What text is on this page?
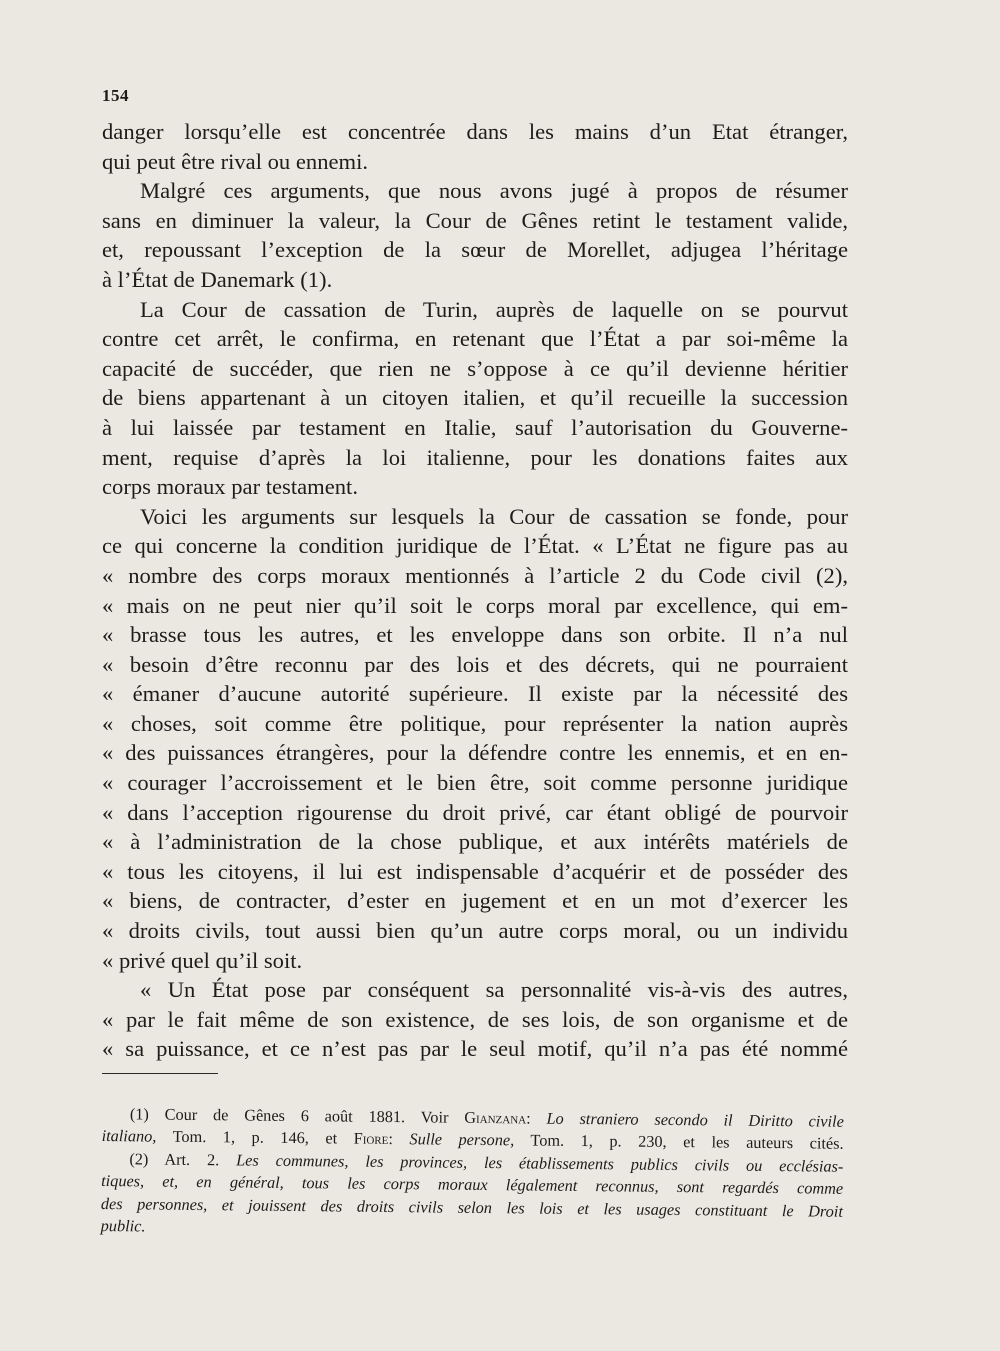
154
danger lorsqu’elle est concentrée dans les mains d’un Etat étranger,
qui peut être rival ou ennemi.
Malgré ces arguments, que nous avons jugé à propos de résumer
sans en diminuer la valeur, la Cour de Gênes retint le testament valide,
et, repoussant l’exception de la sœur de Morellet, adjugea l’héritage
à l’État de Danemark (1).
La Cour de cassation de Turin, auprès de laquelle on se pourvut
contre cet arrêt, le confirma, en retenant que l’État a par soi-même la
capacité de succéder, que rien ne s’oppose à ce qu’il devienne héritier
de biens appartenant à un citoyen italien, et qu’il recueille la succession
à lui laissée par testament en Italie, sauf l’autorisation du Gouverne-
ment, requise d’après la loi italienne, pour les donations faites aux
corps moraux par testament.
Voici les arguments sur lesquels la Cour de cassation se fonde, pour
ce qui concerne la condition juridique de l’État. « L’État ne figure pas au
« nombre des corps moraux mentionnés à l’article 2 du Code civil (2),
« mais on ne peut nier qu’il soit le corps moral par excellence, qui em-
« brasse tous les autres, et les enveloppe dans son orbite. Il n’a nul
« besoin d’être reconnu par des lois et des décrets, qui ne pourraient
« émaner d’aucune autorité supérieure. Il existe par la nécessité des
« choses, soit comme être politique, pour représenter la nation auprès
« des puissances étrangères, pour la défendre contre les ennemis, et en en-
« courager l’accroissement et le bien être, soit comme personne juridique
« dans l’acception rigourense du droit privé, car étant obligé de pourvoir
« à l’administration de la chose publique, et aux intérêts matériels de
« tous les citoyens, il lui est indispensable d’acquérir et de posséder des
« biens, de contracter, d’ester en jugement et en un mot d’exercer les
« droits civils, tout aussi bien qu’un autre corps moral, ou un individu
« privé quel qu’il soit.
« Un État pose par conséquent sa personnalité vis-à-vis des autres,
« par le fait même de son existence, de ses lois, de son organisme et de
« sa puissance, et ce n’est pas par le seul motif, qu’il n’a pas été nommé
(1) Cour de Gênes 6 août 1881. Voir Gianzana: Lo straniero secondo il Diritto civile
italiano, Tom. 1, p. 146, et Fiore: Sulle persone, Tom. 1, p. 230, et les auteurs cités.
(2) Art. 2. Les communes, les provinces, les établissements publics civils ou ecclésias-
tiques, et, en général, tous les corps moraux légalement reconnus, sont regardés comme
des personnes, et jouissent des droits civils selon les lois et les usages constituant le Droit
public.
